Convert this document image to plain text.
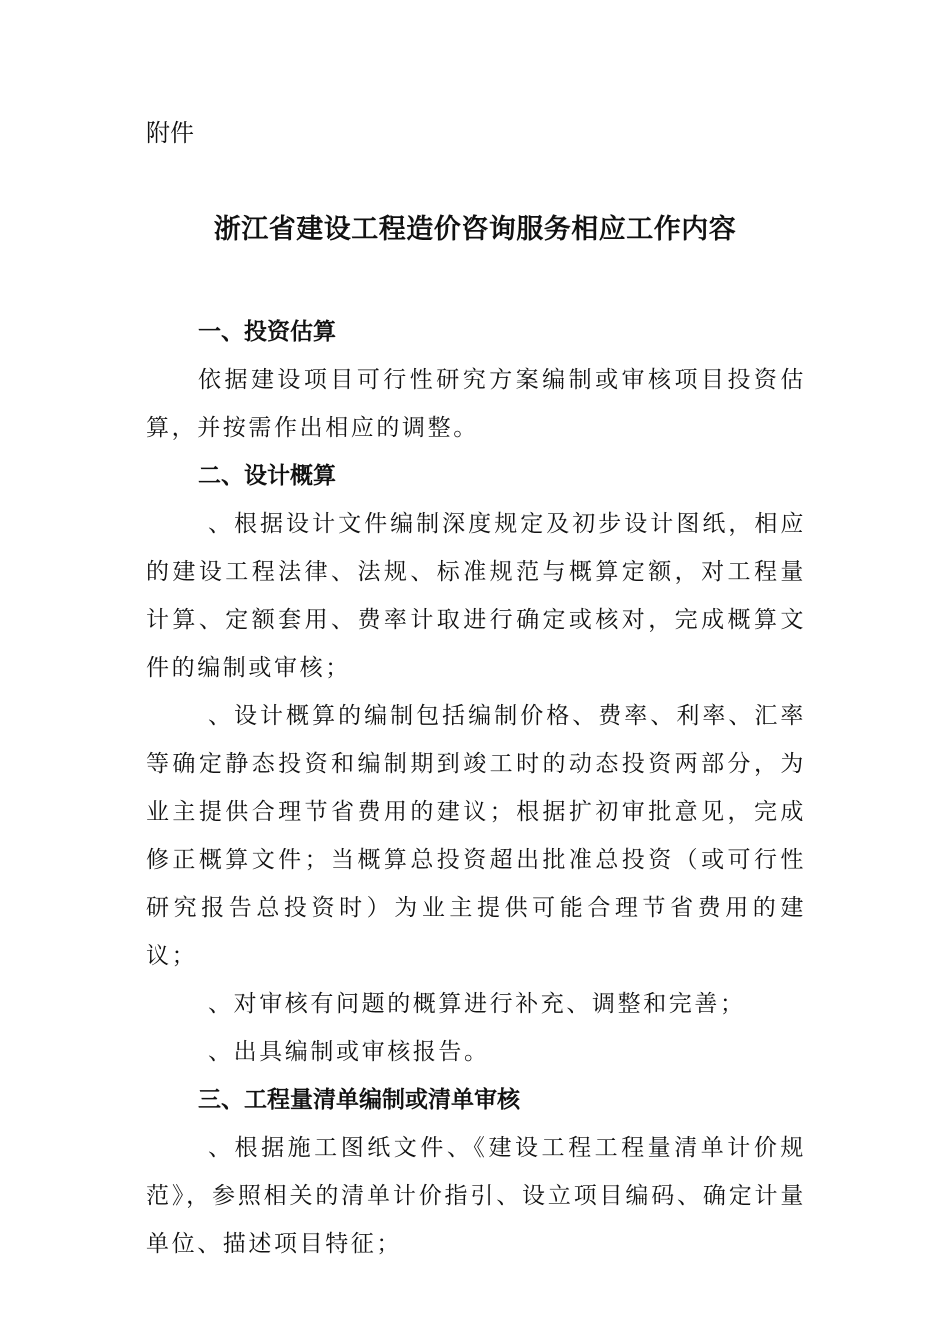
附件

浙江省建设工程造价咨询服务相应工作内容
一、投资估算

依据建设项目可行性研究方案编制或审核项目投资估算，并按需作出相应的调整。

二、设计概算

、根据设计文件编制深度规定及初步设计图纸，相应的建设工程法律、法规、标准规范与概算定额，对工程量计算、定额套用、费率计取进行确定或核对，完成概算文件的编制或审核；

、设计概算的编制包括编制价格、费率、利率、汇率等确定静态投资和编制期到竣工时的动态投资两部分，为业主提供合理节省费用的建议；根据扩初审批意见，完成修正概算文件；当概算总投资超出批准总投资（或可行性研究报告总投资时）为业主提供可能合理节省费用的建议；

、对审核有问题的概算进行补充、调整和完善；

、出具编制或审核报告。

三、工程量清单编制或清单审核

、根据施工图纸文件、《建设工程工程量清单计价规范》，参照相关的清单计价指引、设立项目编码、确定计量单位、描述项目特征；
